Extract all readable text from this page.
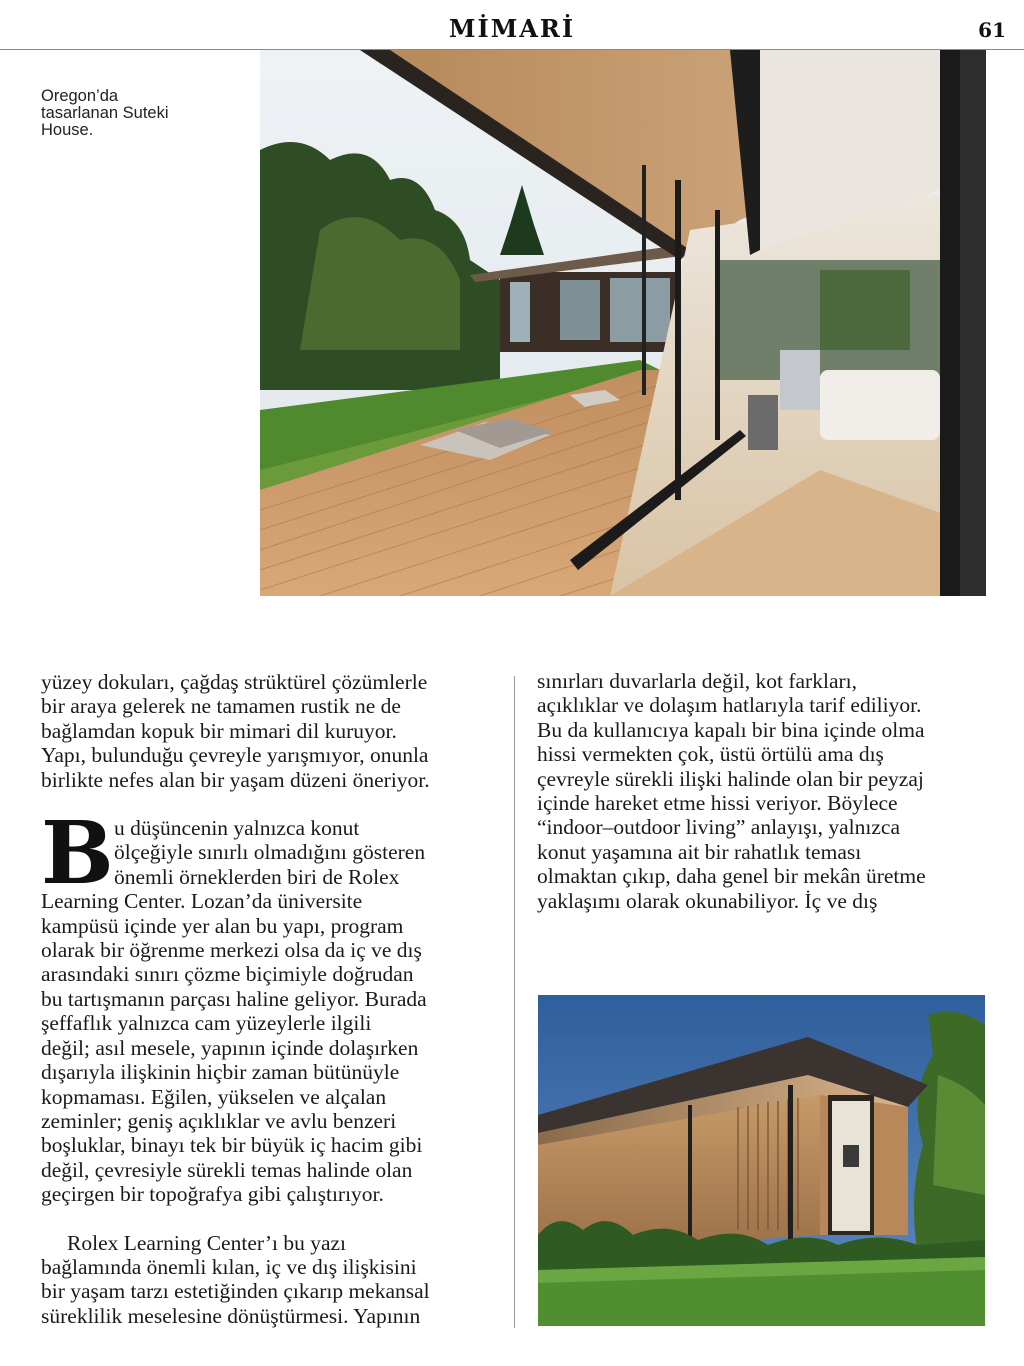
MİMARİ	61
Oregon’da
tasarlanan Suteki
House.

yüzey dokuları, çağdaş strüktürel çözümlerle

bir araya gelerek ne tamamen rustik ne de

bağlamdan kopuk bir mimari dil kuruyor.

Yapı, bulunduğu çevreyle yarışmıyor, onunla

birlikte nefes alan bir yaşam düzeni öneriyor.

B u düşüncenin yalnızca konut

ölçeğiyle sınırlı olmadığını gösteren

önemli örneklerden biri de Rolex

Learning Center. Lozan’da üniversite

kampüsü içinde yer alan bu yapı, program

olarak bir öğrenme merkezi olsa da iç ve dış

arasındaki sınırı çözme biçimiyle doğrudan

bu tartışmanın parçası haline geliyor. Burada

şeffaflık yalnızca cam yüzeylerle ilgili

değil; asıl mesele, yapının içinde dolaşırken

dışarıyla ilişkinin hiçbir zaman bütünüyle

kopmaması. Eğilen, yükselen ve alçalan

zeminler; geniş açıklıklar ve avlu benzeri

boşluklar, binayı tek bir büyük iç hacim gibi

değil, çevresiyle sürekli temas halinde olan

geçirgen bir topoğrafya gibi çalıştırıyor.

Rolex Learning Center’ı bu yazı

bağlamında önemli kılan, iç ve dış ilişkisini

bir yaşam tarzı estetiğinden çıkarıp mekansal

süreklilik meselesine dönüştürmesi. Yapının

sınırları duvarlarla değil, kot farkları,

açıklıklar ve dolaşım hatlarıyla tarif ediliyor.

Bu da kullanıcıya kapalı bir bina içinde olma

hissi vermekten çok, üstü örtülü ama dış

çevreyle sürekli ilişki halinde olan bir peyzaj

içinde hareket etme hissi veriyor. Böylece

“indoor–outdoor living” anlayışı, yalnızca

konut yaşamına ait bir rahatlık teması

olmaktan çıkıp, daha genel bir mekân üretme

yaklaşımı olarak okunabiliyor. İç ve dış
